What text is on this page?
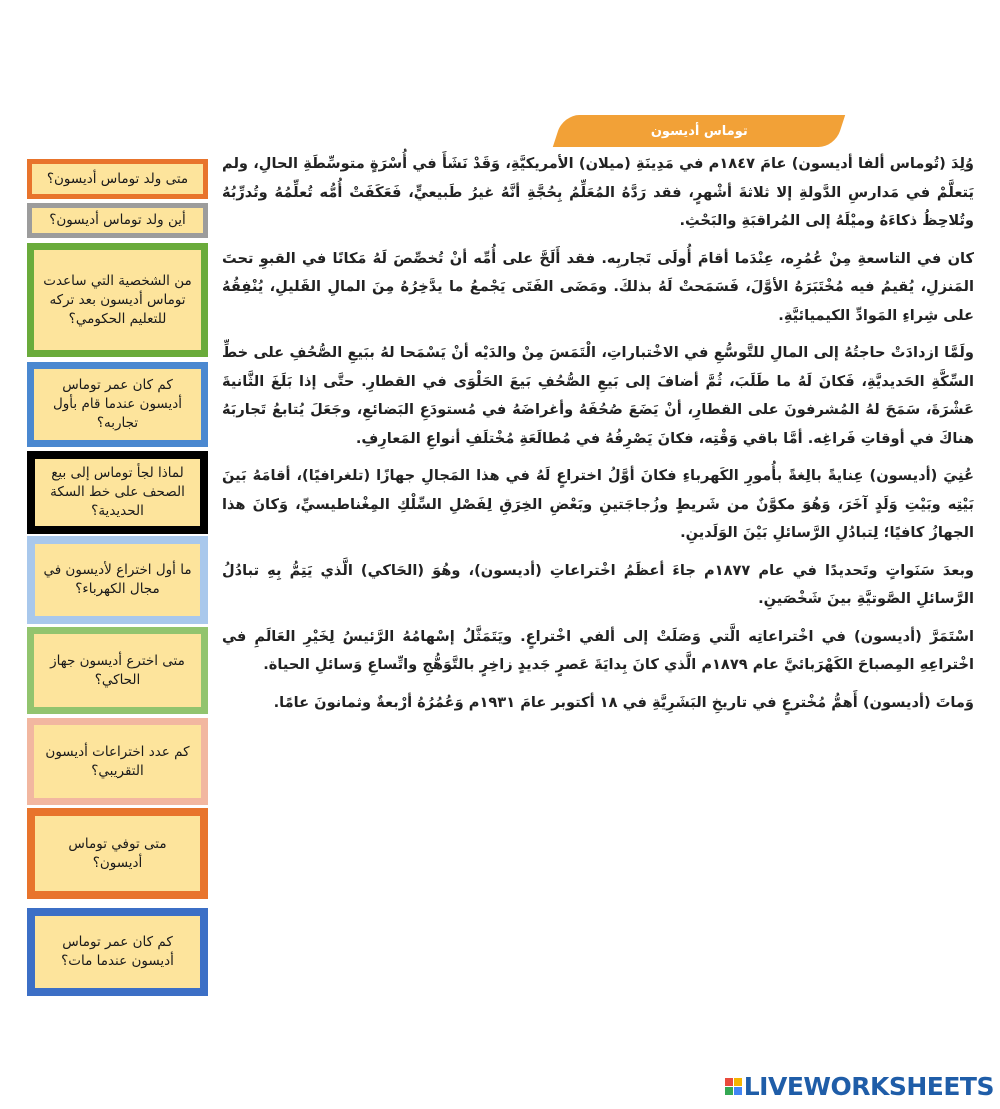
توماس أديسون

وُلِدَ (تُوماس ألفا أديسون) عامَ ١٨٤٧م في مَدِينَةِ (ميلان) الأمريكيَّةِ، وَقَدْ نَشَأَ في أُسْرَةٍ متوسِّطَةِ الحالِ، ولم يَتعلَّمْ في مَدارسِ الدَّولةِ إلا ثلاثةَ أشْهرٍ، فقد رَدَّهُ المُعَلِّمُ بِحُجَّةِ أنَّهُ غيرُ طَبيعيٍّ، فَعَكَفَتْ أُمُّه تُعلِّمُهُ وتُدرِّبُهُ وتُلاحِظُ ذكاءَهُ وميْلَهُ إلى المُراقبَةِ والبَحْثِ.

كان في التاسعةِ مِنْ عُمُرِه، عِنْدَما أقامَ أُولَى تَجاربِه. فقد أَلَحَّ على أُمِّه أنْ تُخصِّصَ لَهُ مَكانًا في القبوِ تحتَ المَنزلِ، يُقيمُ فيه مُخْتَبَرَهُ الأوَّلَ، فَسَمَحتْ لَهُ بذلكَ. ومَضَى الفَتَى يَجْمعُ ما يدَّخِرُهُ مِنَ المالِ القَليلِ، يُنْفِقُهُ على شِراءِ المَوادِّ الكيميائيَّةِ.

ولَمَّا ازدادَتْ حاجتُهُ إلى المالِ للتَّوسُّعِ في الاخْتباراتِ، الْتَمَسَ مِنْ والدَيْه أنْ يَسْمَحا لهُ ببَيعِ الصُّحُفِ على خطِّ السِّكَّةِ الحَديديَّةِ، فَكانَ لَهُ ما طَلَبَ، ثُمَّ أضافَ إلى بَيعِ الصُّحُفِ بَيعَ الحَلْوَى في القطارِ. حتَّى إذا بَلَغَ الثَّانيةَ عَشْرَةَ، سَمَحَ لهُ المُشرفونَ على القطارِ، أنْ يَضَعَ صُحُفَهُ وأغراضَهُ في مُستودَعِ البَضائعِ، وجَعَلَ يُتابعُ تَجاربَهُ هناكَ في أوقاتِ فَراغِه. أمَّا باقي وَقْتِه، فكانَ يَصْرِفُهُ في مُطالَعَةِ مُخْتلَفِ أنواعِ المَعارِفِ.

عُنِيَ (أديسون) عِنايةً بالِغةً بأُمورِ الكَهرباءِ فكانَ أوَّلُ اختراعٍ لَهُ في هذا المَجالِ جهازًا (تلغرافيًا)، أقامَهُ بَينَ بَيْتِه وبَيْتِ وَلَدٍ آخَرَ، وَهُوَ مكوَّنٌ من شَريطٍ وزُجاجَتينِ وبَعْضِ الخِرَقِ لِفَصْلِ السِّلْكِ المِغْناطيسيِّ، وَكانَ هذا الجهازُ كافيًا؛ لِتبادُلِ الرَّسائلِ بَيْنَ الوَلَدينِ.

وبعدَ سَنَواتٍ وتَحديدًا في عام ١٨٧٧م جاءَ أعظَمُ اخْتراعاتِ (أديسون)، وهُوَ (الحَاكي) الَّذي يَتِمُّ بِهِ تبادُلُ الرَّسائلِ الصَّوتيَّةِ بينَ شَخْصَينِ.

اسْتَمَرَّ (أديسون) في اخْتراعاتِه الَّتي وَصَلَتْ إلى ألفي اخْتراعٍ. ويَتَمَثَّلُ إسْهامُهُ الرَّئيسُ لِخَيْرِ العَالَمِ في اخْتراعِهِ المِصباحَ الكَهْرَبائيَّ عام ١٨٧٩م الَّذي كانَ بِدايَةَ عَصرٍ جَديدٍ زاخِرٍ بالتَّوَهُّجِ واتِّساعِ وَسائلِ الحياة.

وَماتَ (أديسون) أَهمُّ مُخْترعٍ في تاريخِ البَشَرِيَّةِ في ١٨ أكتوبر عامَ ١٩٣١م وَعُمُرُهُ أرْبعةٌ وثمانونَ عامًا.

متى ولد توماس أديسون؟
أين ولد توماس أديسون؟
من الشخصية التي ساعدت توماس أديسون بعد تركه للتعليم الحكومي؟
كم كان عمر توماس أديسون عندما قام بأول تجاربه؟
لماذا لجأ توماس إلى بيع الصحف على خط السكة الحديدية؟
ما أول اختراع لأديسون في مجال الكهرباء؟
متى اخترع أديسون جهاز الحاكي؟
كم عدد اختراعات أديسون التقريبي؟
متى توفي توماس أديسون؟
كم كان عمر توماس أديسون عندما مات؟
LIVEWORKSHEETS
